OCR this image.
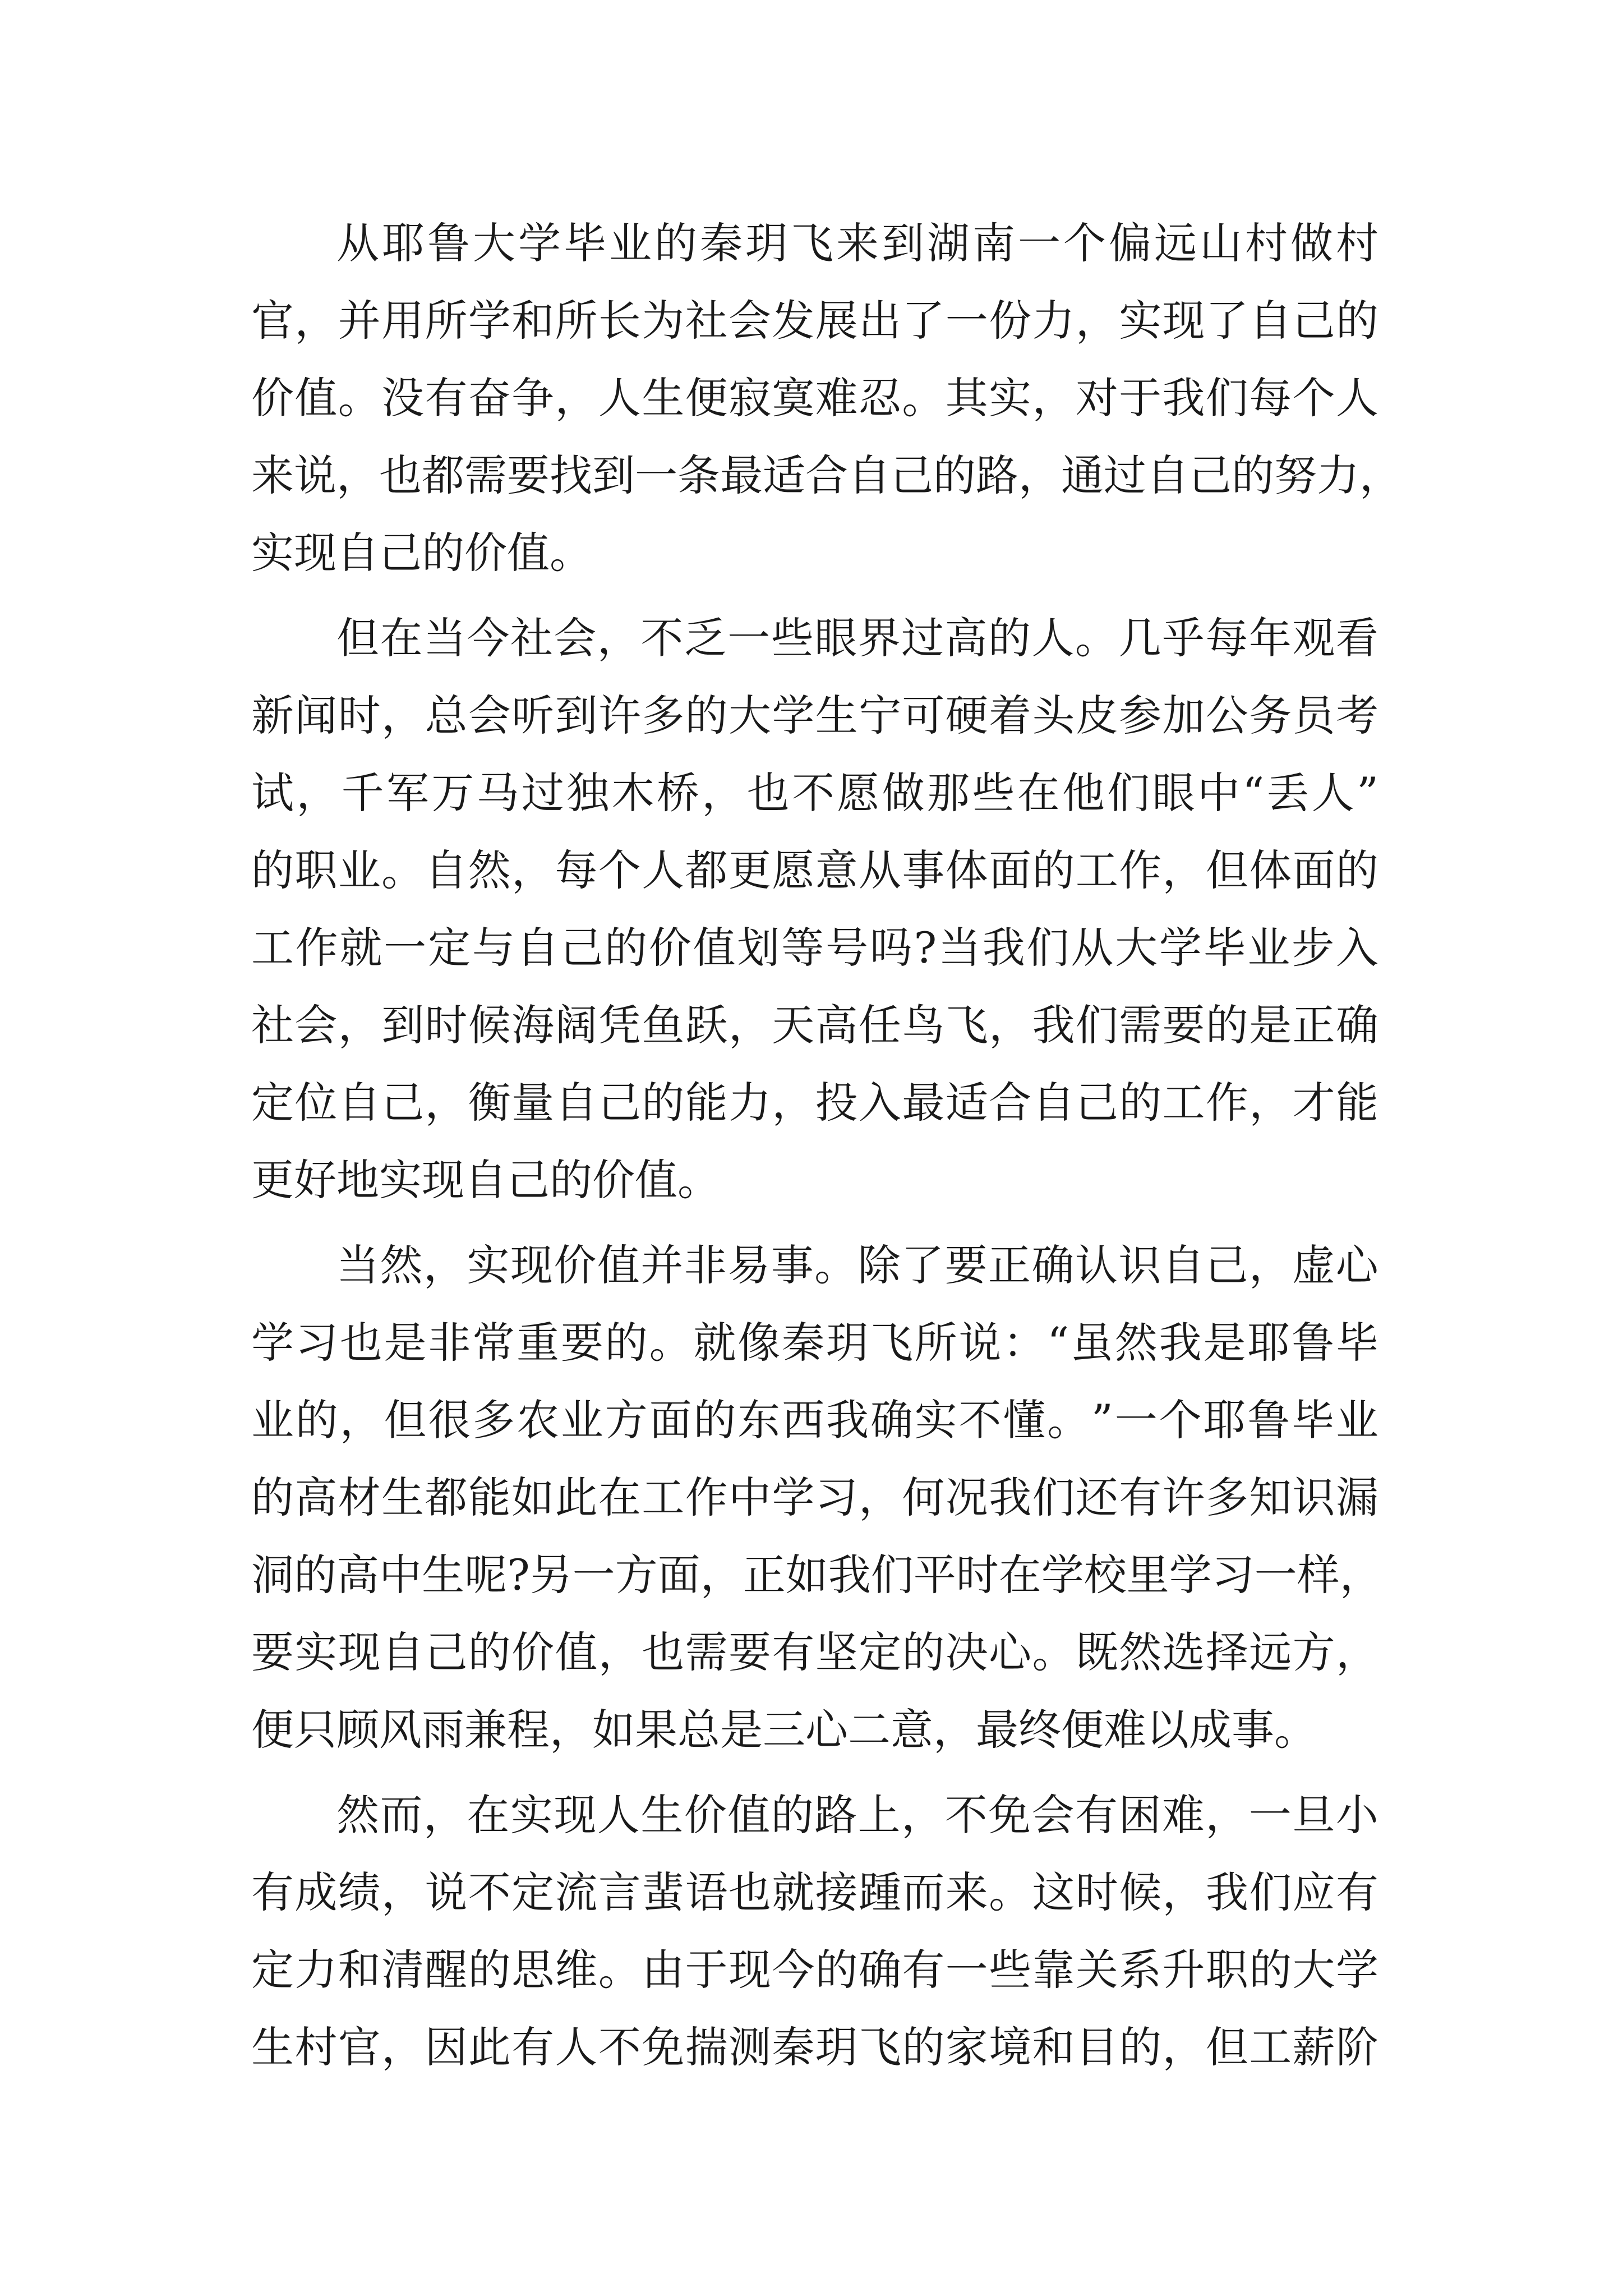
从 耶 鲁 大 学 毕 业 的 秦 玥 飞 来 到 湖 南 一 个 偏 远 山 村 做 村
官 ， 并 用 所 学 和 所 长 为 社 会 发 展 出 了 一 份 力 ， 实 现 了 自 己 的
价 值 。 没 有 奋 争 ， 人 生 便 寂 寞 难 忍 。 其 实 ， 对 于 我 们 每 个 人
来 说 ， 也 都 需 要 找 到 一 条 最 适 合 自 己 的 路 ， 通 过 自 己 的 努 力 ，
实现自己的价值。
但 在 当 今 社 会 ， 不 乏 一 些 眼 界 过 高 的 人 。 几 乎 每 年 观 看
新 闻 时 ， 总 会 听 到 许 多 的 大 学 生 宁 可 硬 着 头 皮 参 加 公 务 员 考
试 ， 千 军 万 马 过 独 木 桥 ， 也 不 愿 做 那 些 在 他 们 眼 中 “ 丢 人 ”
的 职 业 。 自 然 ， 每 个 人 都 更 愿 意 从 事 体 面 的 工 作 ， 但 体 面 的
工 作 就 一 定 与 自 己 的 价 值 划 等 号 吗 ? 当 我 们 从 大 学 毕 业 步 入
社 会 ， 到 时 候 海 阔 凭 鱼 跃 ， 天 高 任 鸟 飞 ， 我 们 需 要 的 是 正 确
定 位 自 己 ， 衡 量 自 己 的 能 力 ， 投 入 最 适 合 自 己 的 工 作 ， 才 能
更好地实现自己的价值。
当 然 ， 实 现 价 值 并 非 易 事 。 除 了 要 正 确 认 识 自 己 ， 虚 心
学 习 也 是 非 常 重 要 的 。 就 像 秦 玥 飞 所 说 ： “ 虽 然 我 是 耶 鲁 毕
业 的 ， 但 很 多 农 业 方 面 的 东 西 我 确 实 不 懂 。 ” 一 个 耶 鲁 毕 业
的 高 材 生 都 能 如 此 在 工 作 中 学 习 ， 何 况 我 们 还 有 许 多 知 识 漏
洞 的 高 中 生 呢 ? 另 一 方 面 ， 正 如 我 们 平 时 在 学 校 里 学 习 一 样 ，
要 实 现 自 己 的 价 值 ， 也 需 要 有 坚 定 的 决 心 。 既 然 选 择 远 方 ，
便只顾风雨兼程，如果总是三心二意，最终便难以成事。
然 而 ， 在 实 现 人 生 价 值 的 路 上 ， 不 免 会 有 困 难 ， 一 旦 小
有 成 绩 ， 说 不 定 流 言 蜚 语 也 就 接 踵 而 来 。 这 时 候 ， 我 们 应 有
定 力 和 清 醒 的 思 维 。 由 于 现 今 的 确 有 一 些 靠 关 系 升 职 的 大 学
生 村 官 ， 因 此 有 人 不 免 揣 测 秦 玥 飞 的 家 境 和 目 的 ， 但 工 薪 阶
